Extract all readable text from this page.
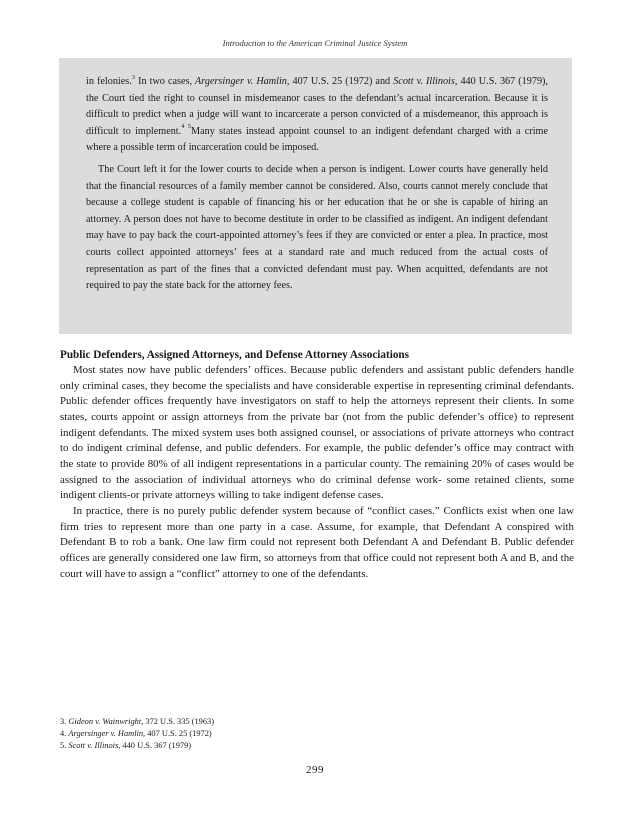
Introduction to the American Criminal Justice System

in felonies.$^3$ In two cases, Argersinger v. Hamlin, 407 U.S. 25 (1972) and Scott v. Illinois, 440 U.S. 367 (1979), the Court tied the right to counsel in misdemeanor cases to the defendant’s actual incarceration. Because it is difficult to predict when a judge will want to incarcerate a person convicted of a misdemeanor, this approach is difficult to implement.$^{4 5}$Many states instead appoint counsel to an indigent defendant charged with a crime where a possible term of incarceration could be imposed.

The Court left it for the lower courts to decide when a person is indigent. Lower courts have generally held that the financial resources of a family member cannot be considered. Also, courts cannot merely conclude that because a college student is capable of financing his or her education that he or she is capable of hiring an attorney. A person does not have to become destitute in order to be classified as indigent. An indigent defendant may have to pay back the court-appointed attorney’s fees if they are convicted or enter a plea. In practice, most courts collect appointed attorneys’ fees at a standard rate and much reduced from the actual costs of representation as part of the fines that a convicted defendant must pay. When acquitted, defendants are not required to pay the state back for the attorney fees.

Public Defenders, Assigned Attorneys, and Defense Attorney Associations

Most states now have public defenders’ offices. Because public defenders and assistant public defenders handle only criminal cases, they become the specialists and have considerable expertise in representing criminal defendants. Public defender offices frequently have investigators on staff to help the attorneys represent their clients. In some states, courts appoint or assign attorneys from the private bar (not from the public defender’s office) to represent indigent defendants. The mixed system uses both assigned counsel, or associations of private attorneys who contract to do indigent criminal defense, and public defenders. For example, the public defender’s office may contract with the state to provide 80% of all indigent representations in a particular county. The remaining 20% of cases would be assigned to the association of individual attorneys who do criminal defense work- some retained clients, some indigent clients-or private attorneys willing to take indigent defense cases.

In practice, there is no purely public defender system because of “conflict cases.” Conflicts exist when one law firm tries to represent more than one party in a case. Assume, for example, that Defendant A conspired with Defendant B to rob a bank. One law firm could not represent both Defendant A and Defendant B. Public defender offices are generally considered one law firm, so attorneys from that office could not represent both A and B, and the court will have to assign a “conflict” attorney to one of the defendants.

3. Gideon v. Wainwright, 372 U.S. 335 (1963)
4. Argersinger v. Hamlin, 407 U.S. 25 (1972)
5. Scott v. Illinois, 440 U.S. 367 (1979)
299
